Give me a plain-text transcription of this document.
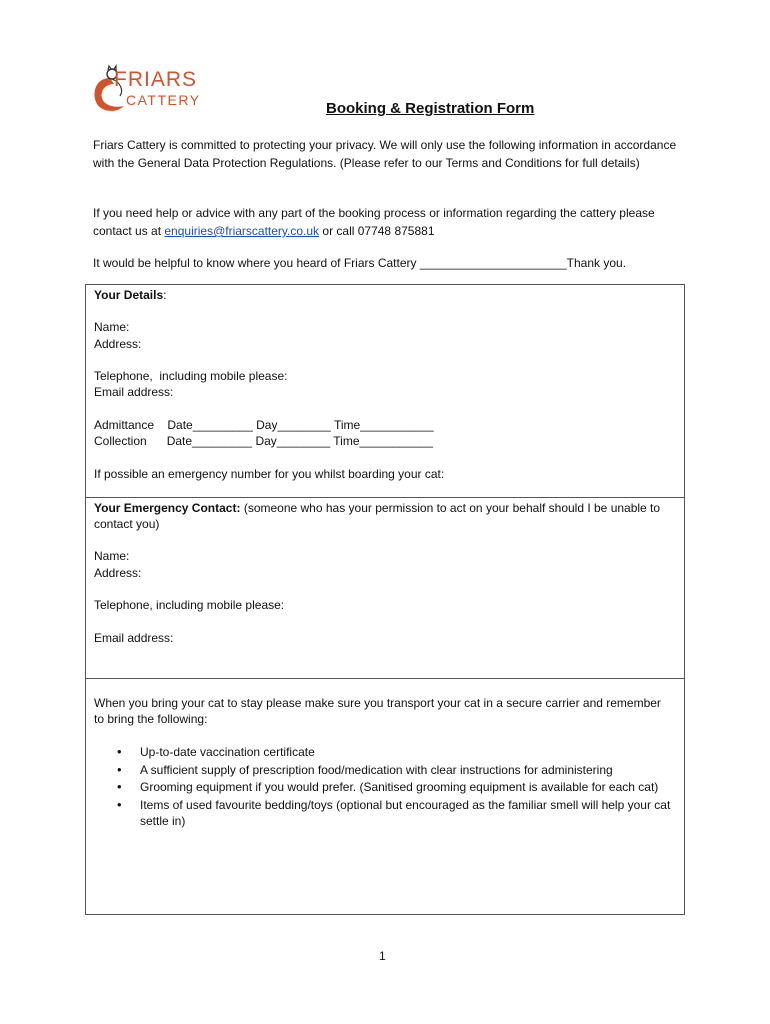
FRIARS
CATTERY	Booking & Registration Form
Friars Cattery is committed to protecting your privacy. We will only use the following information in accordance with the General Data Protection Regulations. (Please refer to our Terms and Conditions for full details)
If you need help or advice with any part of the booking process or information regarding the cattery please contact us at enquiries@friarscattery.co.uk or call 07748 875881
It would be helpful to know where you heard of Friars Cattery ______________________Thank you.
Your Details:
Name:
Address:
Telephone,  including mobile please:
Email address:
Admittance    Date_________ Day________ Time___________
Collection      Date_________ Day________ Time___________
If possible an emergency number for you whilst boarding your cat:
Your Emergency Contact: (someone who has your permission to act on your behalf should I be unable to contact you)
Name:
Address:
Telephone, including mobile please:
Email address:
When you bring your cat to stay please make sure you transport your cat in a secure carrier and remember to bring the following:
• Up-to-date vaccination certificate
• A sufficient supply of prescription food/medication with clear instructions for administering
• Grooming equipment if you would prefer. (Sanitised grooming equipment is available for each cat)
• Items of used favourite bedding/toys (optional but encouraged as the familiar smell will help your cat settle in)
1
